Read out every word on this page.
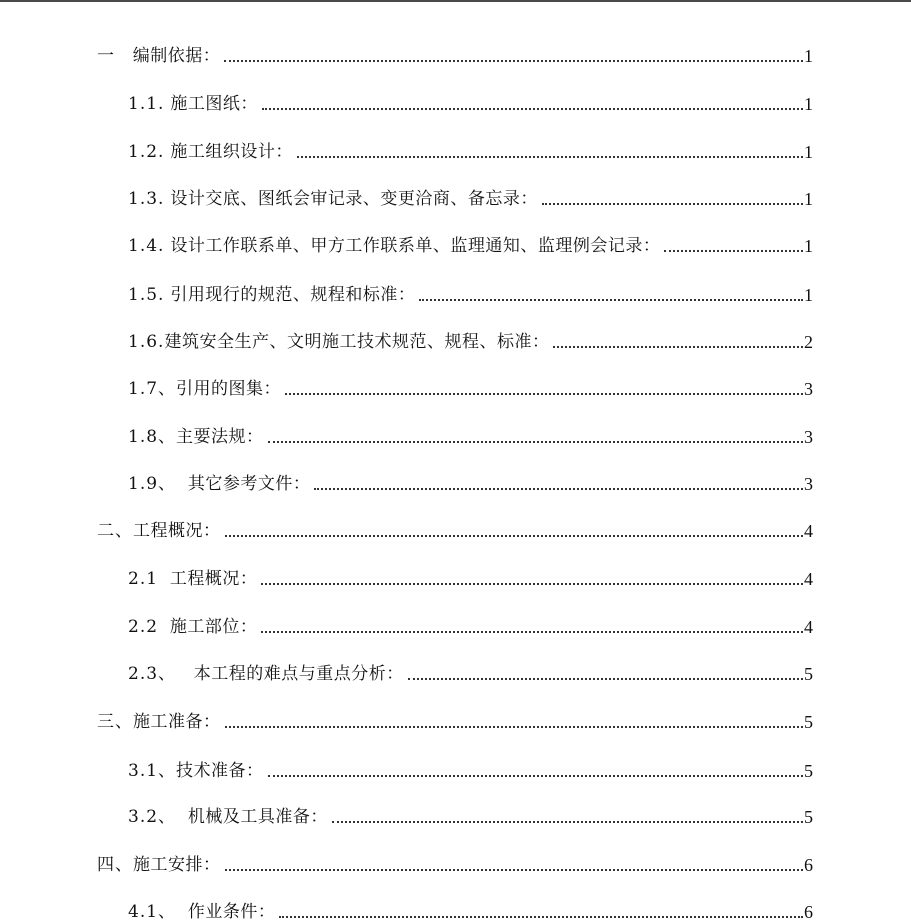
一 编制依据：	1
1.1. 施工图纸：	1
1.2. 施工组织设计：	1
1.3. 设计交底、图纸会审记录、变更洽商、备忘录：	1
1.4. 设计工作联系单、甲方工作联系单、监理通知、监理例会记录：	1
1.5. 引用现行的规范、规程和标准：	1
1.6.建筑安全生产、文明施工技术规范、规程、标准：	2
1.7、引用的图集：	3
1.8、主要法规：	3
1.9、 其它参考文件：	3
二、工程概况：	4
2.1 工程概况：	4
2.2 施工部位：	4
2.3、 本工程的难点与重点分析：	5
三、施工准备：	5
3.1、技术准备：	5
3.2、 机械及工具准备：	5
四、施工安排：	6
4.1、 作业条件：	6
